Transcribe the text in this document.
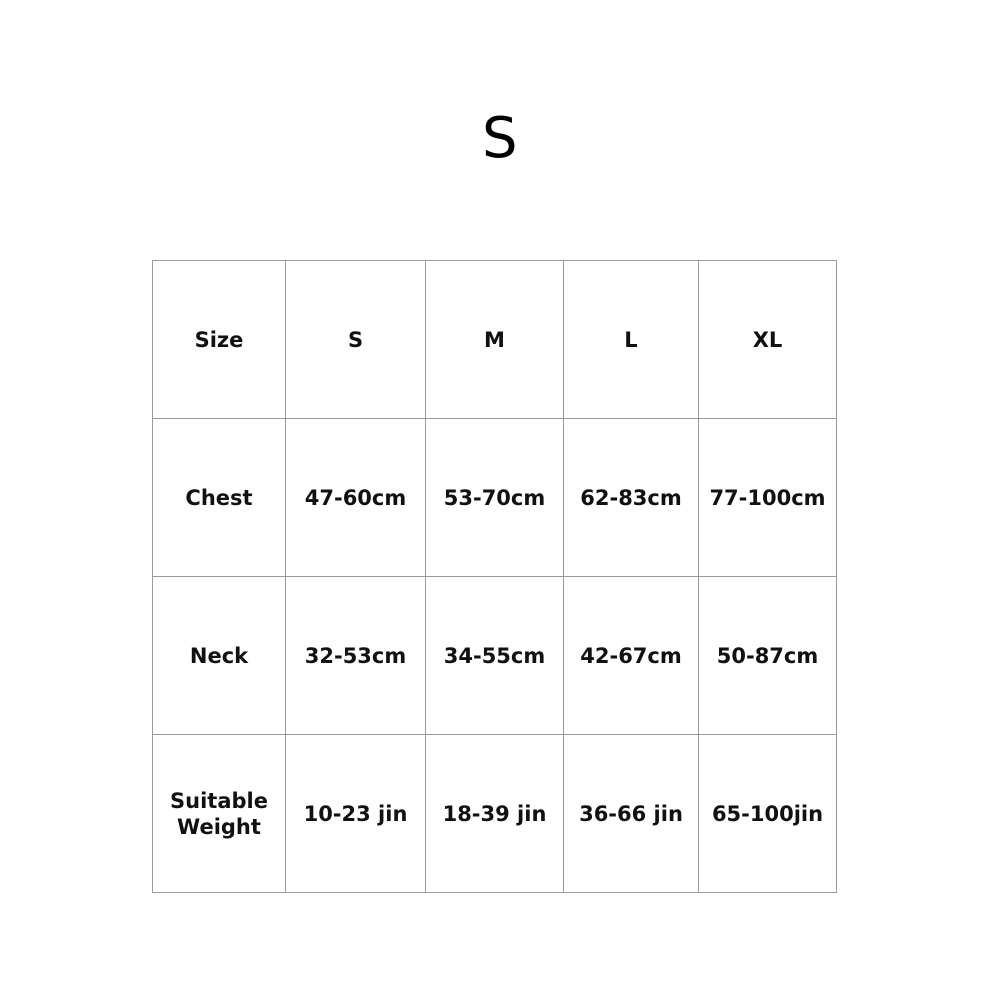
S
Size	S	M	L	XL
Chest	47-60cm	53-70cm	62-83cm	77-100cm
Neck	32-53cm	34-55cm	42-67cm	50-87cm

Suitable
Weight	10-23 jin	18-39 jin	36-66 jin	65-100jin
